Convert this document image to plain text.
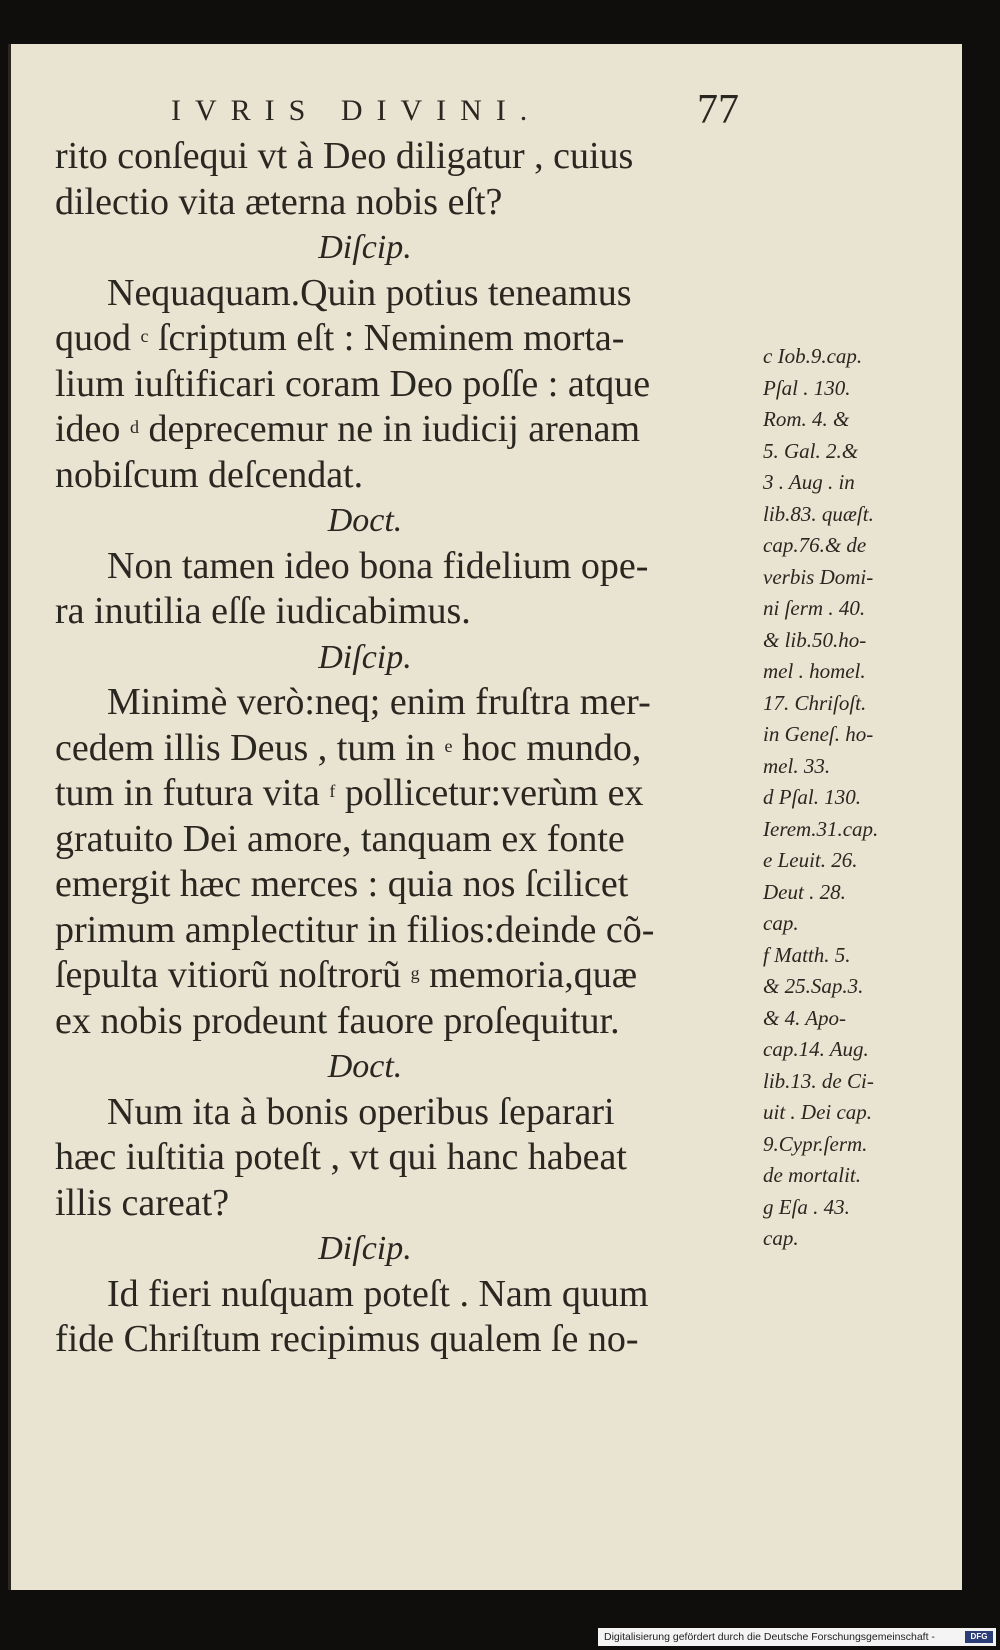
IVRIS DIVINI.	77
rito conſequi vt à Deo diligatur , cuius
dilectio vita æterna nobis eſt?
Diſcip.
Nequaquam.Quin potius teneamus
quod $^c$ ſcriptum eſt : Neminem morta-
lium iuſtificari coram Deo poſſe : atque
ideo $^d$ deprecemur ne in iudicij arenam
nobiſcum deſcendat.
Doct.
Non tamen ideo bona fidelium ope-
ra inutilia eſſe iudicabimus.
Diſcip.
Minimè verò:neq; enim fruſtra mer-
cedem illis Deus , tum in $^e$ hoc mundo,
tum in futura vita $^f$ pollicetur:verùm ex
gratuito Dei amore, tanquam ex fonte
emergit hæc merces : quia nos ſcilicet
primum amplectitur in filios:deinde cõ-
ſepulta vitiorũ noſtrorũ $^g$ memoria,quæ
ex nobis prodeunt fauore proſequitur.
Doct.
Num ita à bonis operibus ſeparari
hæc iuſtitia poteſt , vt qui hanc habeat
illis careat?
Diſcip.
Id fieri nuſquam poteſt . Nam quum
fide Chriſtum recipimus qualem ſe no-
c Iob.9.cap.
Pſal . 130.
Rom. 4. &
5. Gal. 2.&
3 . Aug . in
lib.83. quæſt.
cap.76.& de
verbis Domi-
ni ſerm . 40.
& lib.50.ho-
mel . homel.
17. Chriſoſt.
in Geneſ. ho-
mel. 33.
d Pſal. 130.
Ierem.31.cap.
e Leuit. 26.
Deut . 28.
cap.
f Matth. 5.
& 25.Sap.3.
& 4. Apo-
cap.14. Aug.
lib.13. de Ci-
uit . Dei cap.
9.Cypr.ſerm.
de mortalit.
g Eſa . 43.
cap.
Digitalisierung gefördert durch die Deutsche Forschungsgemeinschaft -	DFG
